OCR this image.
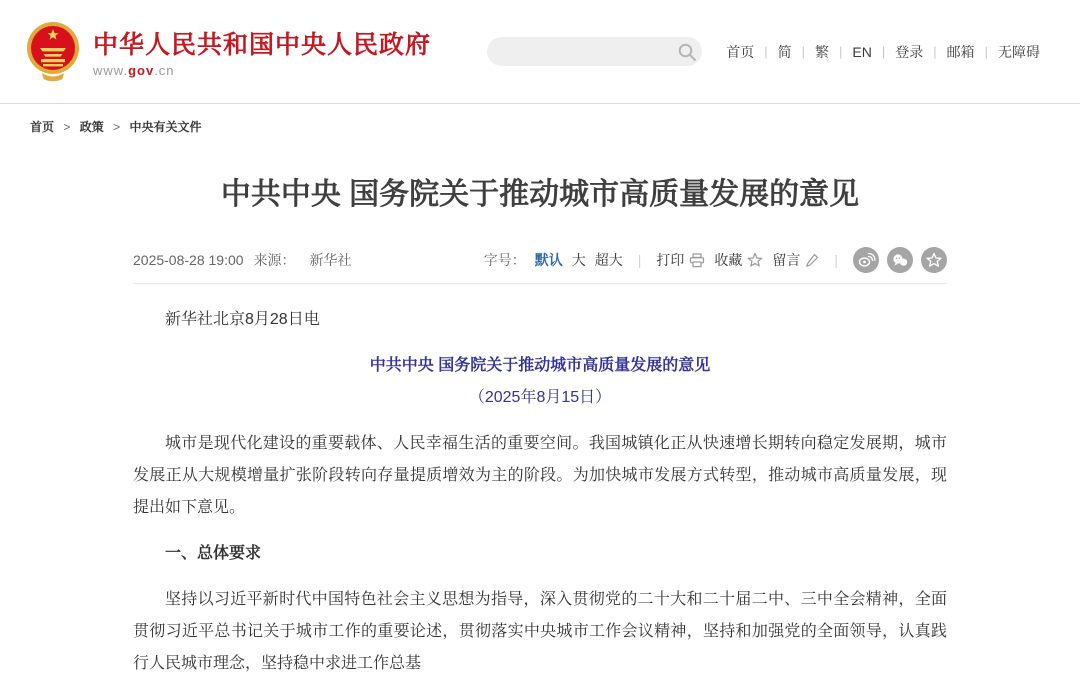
中华人民共和国中央人民政府
www.gov.cn
首页 | 简 | 繁 | EN | 登录 | 邮箱 | 无障碍
首页 > 政策 > 中央有关文件
中共中央 国务院关于推动城市高质量发展的意见
2025-08-28 19:00 来源： 新华社	字号： 默认 大 超大 | 打印 收藏 留言 |

新华社北京8月28日电

中共中央 国务院关于推动城市高质量发展的意见

（2025年8月15日）

城市是现代化建设的重要载体、人民幸福生活的重要空间。我国城镇化正从快速增长期转向稳定发展期，城市发展正从大规模增量扩张阶段转向存量提质增效为主的阶段。为加快城市发展方式转型，推动城市高质量发展，现提出如下意见。

一、总体要求

坚持以习近平新时代中国特色社会主义思想为指导，深入贯彻党的二十大和二十届二中、三中全会精神，全面贯彻习近平总书记关于城市工作的重要论述，贯彻落实中央城市工作会议精神，坚持和加强党的全面领导，认真践行人民城市理念，坚持稳中求进工作总基
